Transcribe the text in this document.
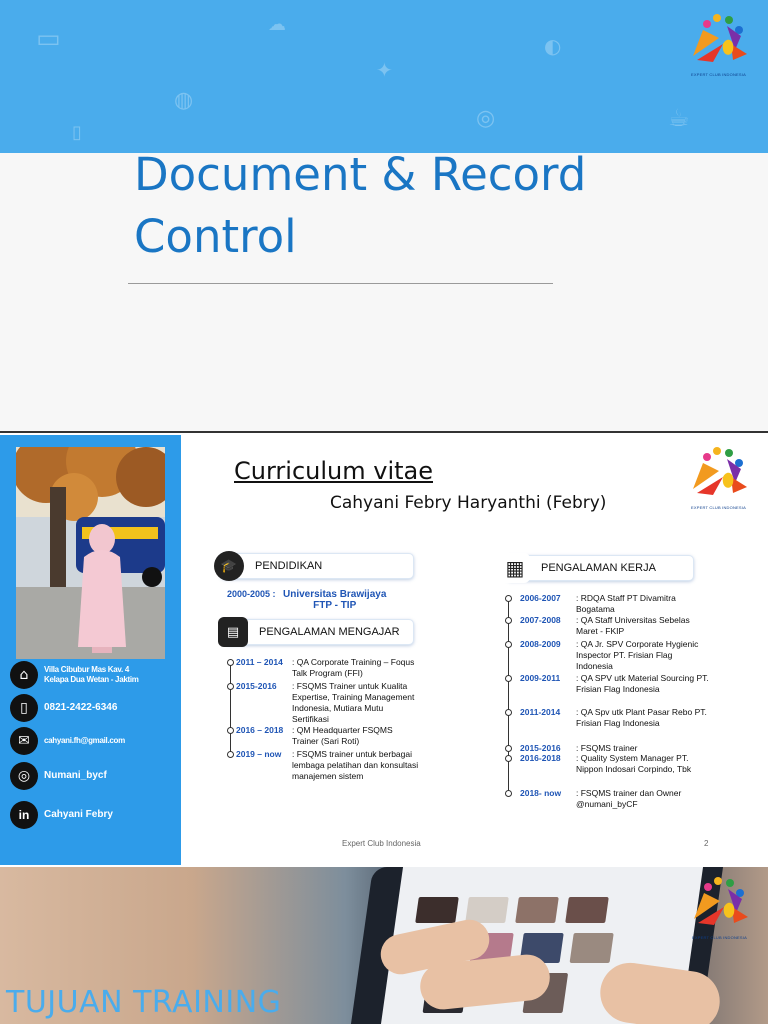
▭	☁
✦
◍
▯
◐
◎	☕
EXPERT CLUB INDONESIA
Document & Record
Control
⌂	Villa Cibubur Mas Kav. 4
Kelapa Dua Wetan - Jaktim
▯	0821-2422-6346
✉	cahyani.fh@gmail.com
◎	Numani_bycf
in	Cahyani Febry
Curriculum vitae
Cahyani Febry Haryanthi (Febry)	EXPERT CLUB INDONESIA
PENDIDIKAN
🎓
2000-2005 : Universitas Brawijaya
FTP - TIP
PENGALAMAN MENGAJAR
▤
2011 – 2014 : QA Corporate Training – Foqus Talk Program (FFI)
2015-2016 : FSQMS Trainer untuk Kualita Expertise, Training Management Indonesia, Mutiara Mutu Sertifikasi
2016 – 2018 : QM Headquarter FSQMS Trainer (Sari Roti)
2019 – now : FSQMS trainer untuk berbagai lembaga pelatihan dan konsultasi manajemen sistem
PENGALAMAN KERJA
▦
2006-2007 : RDQA Staff PT Divamitra Bogatama
2007-2008 : QA Staff Universitas Sebelas Maret - FKIP
2008-2009 : QA Jr. SPV Corporate Hygienic Inspector PT. Frisian Flag Indonesia
2009-2011 : QA SPV utk Material Sourcing PT. Frisian Flag Indonesia
2011-2014 : QA Spv utk Plant Pasar Rebo PT. Frisian Flag Indonesia
2015-2016 : FSQMS trainer
2016-2018 : Quality System Manager PT. Nippon Indosari Corpindo, Tbk
2018- now : FSQMS trainer dan Owner @numani_byCF
Expert Club Indonesia	2
EXPERT CLUB INDONESIA
TUJUAN TRAINING
